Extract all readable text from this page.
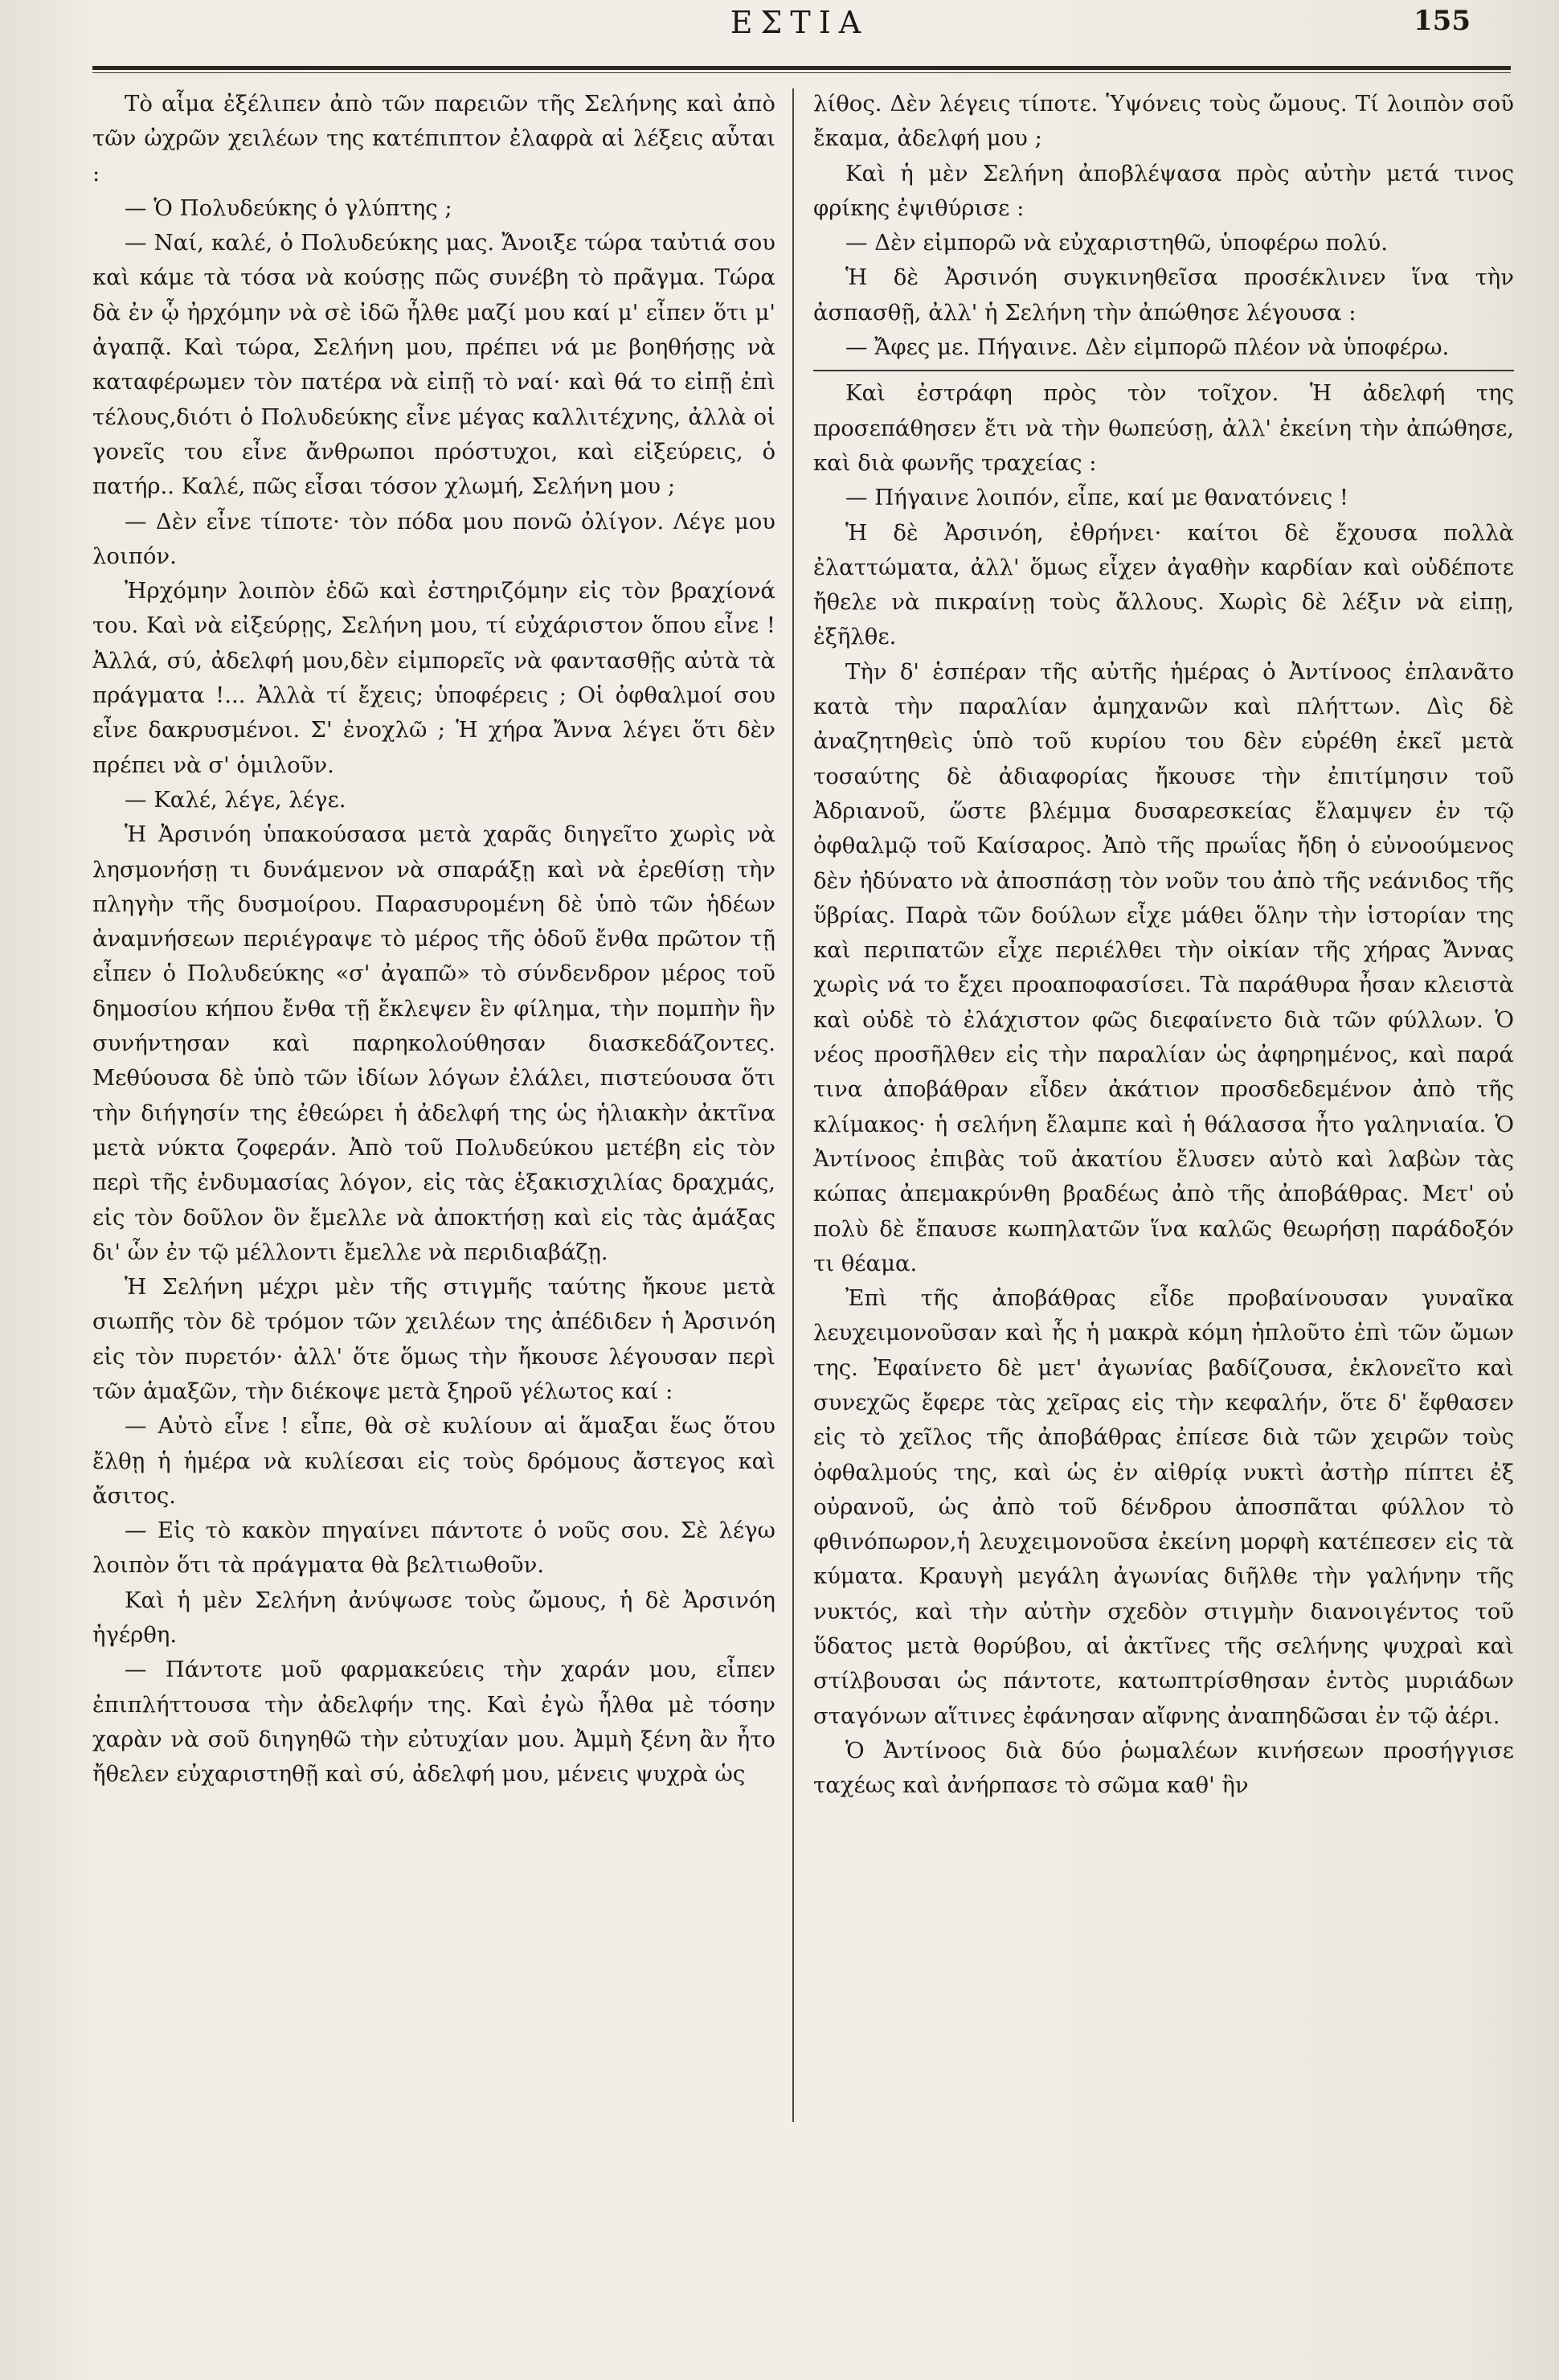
ΕΣΤΙΑ	155

Τὸ αἷμα ἐξέλιπεν ἀπὸ τῶν παρειῶν τῆς Σελήνης καὶ ἀπὸ τῶν ὠχρῶν χειλέων της κατέπιπτον ἐλαφρὰ αἱ λέξεις αὗται :

— Ὁ Πολυδεύκης ὁ γλύπτης ;

— Ναί, καλέ, ὁ Πολυδεύκης μας. Ἄνοιξε τώρα ταὐτιά σου καὶ κάμε τὰ τόσα νὰ κούσῃς πῶς συνέβη τὸ πρᾶγμα. Τώρα δὰ ἐν ᾧ ἠρχόμην νὰ σὲ ἰδῶ ἦλθε μαζί μου καί μ' εἶπεν ὅτι μ' ἀγαπᾷ. Καὶ τώρα, Σελήνη μου, πρέπει νά με βοηθήσῃς νὰ καταφέρωμεν τὸν πατέρα νὰ εἰπῇ τὸ ναί· καὶ θά το εἰπῇ ἐπὶ τέλους,διότι ὁ Πολυδεύκης εἶνε μέγας καλλιτέχνης, ἀλλὰ οἱ γονεῖς του εἶνε ἄνθρωποι πρόστυχοι, καὶ εἰξεύρεις, ὁ πατήρ.. Καλέ, πῶς εἶσαι τόσον χλωμή, Σελήνη μου ;

— Δὲν εἶνε τίποτε· τὸν πόδα μου πονῶ ὀλίγον. Λέγε μου λοιπόν.

Ἠρχόμην λοιπὸν ἐδῶ καὶ ἐστηριζόμην εἰς τὸν βραχίονά του. Καὶ νὰ εἰξεύρῃς, Σελήνη μου, τί εὐχάριστον ὅπου εἶνε ! Ἀλλά, σύ, ἀδελφή μου,δὲν εἰμπορεῖς νὰ φαντασθῇς αὐτὰ τὰ πράγματα !... Ἀλλὰ τί ἔχεις; ὑποφέρεις ; Οἱ ὀφθαλμοί σου εἶνε δακρυσμένοι. Σ' ἐνοχλῶ ; Ἡ χήρα Ἄννα λέγει ὅτι δὲν πρέπει νὰ σ' ὁμιλοῦν.

— Καλέ, λέγε, λέγε.

Ἡ Ἀρσινόη ὑπακούσασα μετὰ χαρᾶς διηγεῖτο χωρὶς νὰ λησμονήσῃ τι δυνάμενον νὰ σπαράξῃ καὶ νὰ ἐρεθίσῃ τὴν πληγὴν τῆς δυσμοίρου. Παρασυρομένη δὲ ὑπὸ τῶν ἡδέων ἀναμνήσεων περιέγραψε τὸ μέρος τῆς ὁδοῦ ἔνθα πρῶτον τῇ εἶπεν ὁ Πολυδεύκης «σ' ἀγαπῶ» τὸ σύνδενδρον μέρος τοῦ δημοσίου κήπου ἔνθα τῇ ἔκλεψεν ἓν φίλημα, τὴν πομπὴν ἣν συνήντησαν καὶ παρηκολούθησαν διασκεδάζοντες. Μεθύουσα δὲ ὑπὸ τῶν ἰδίων λόγων ἐλάλει, πιστεύουσα ὅτι τὴν διήγησίν της ἐθεώρει ἡ ἀδελφή της ὡς ἡλιακὴν ἀκτῖνα μετὰ νύκτα ζοφεράν. Ἀπὸ τοῦ Πολυδεύκου μετέβη εἰς τὸν περὶ τῆς ἐνδυμασίας λόγον, εἰς τὰς ἑξακισχιλίας δραχμάς, εἰς τὸν δοῦλον ὃν ἔμελλε νὰ ἀποκτήσῃ καὶ εἰς τὰς ἁμάξας δι' ὧν ἐν τῷ μέλλοντι ἔμελλε νὰ περιδιαβάζῃ.

Ἡ Σελήνη μέχρι μὲν τῆς στιγμῆς ταύτης ἤκουε μετὰ σιωπῆς τὸν δὲ τρόμον τῶν χειλέων της ἀπέδιδεν ἡ Ἀρσινόη εἰς τὸν πυρετόν· ἀλλ' ὅτε ὅμως τὴν ἤκουσε λέγουσαν περὶ τῶν ἁμαξῶν, τὴν διέκοψε μετὰ ξηροῦ γέλωτος καί :

— Αὐτὸ εἶνε ! εἶπε, θὰ σὲ κυλίουν αἱ ἅμαξαι ἕως ὅτου ἔλθῃ ἡ ἡμέρα νὰ κυλίεσαι εἰς τοὺς δρόμους ἄστεγος καὶ ἄσιτος.

— Εἰς τὸ κακὸν πηγαίνει πάντοτε ὁ νοῦς σου. Σὲ λέγω λοιπὸν ὅτι τὰ πράγματα θὰ βελτιωθοῦν.

Καὶ ἡ μὲν Σελήνη ἀνύψωσε τοὺς ὤμους, ἡ δὲ Ἀρσινόη ἠγέρθη.

— Πάντοτε μοῦ φαρμακεύεις τὴν χαράν μου, εἶπεν ἐπιπλήττουσα τὴν ἀδελφήν της. Καὶ ἐγὼ ἦλθα μὲ τόσην χαρὰν νὰ σοῦ διηγηθῶ τὴν εὐτυχίαν μου. Ἀμμὴ ξένη ἂν ἦτο ἤθελεν εὐχαριστηθῇ καὶ σύ, ἀδελφή μου, μένεις ψυχρὰ ὡς

λίθος. Δὲν λέγεις τίποτε. Ὑψόνεις τοὺς ὤμους. Τί λοιπὸν σοῦ ἔκαμα, ἀδελφή μου ;

Καὶ ἡ μὲν Σελήνη ἀποβλέψασα πρὸς αὐτὴν μετά τινος φρίκης ἐψιθύρισε :

— Δὲν εἰμπορῶ νὰ εὐχαριστηθῶ, ὑποφέρω πολύ.

Ἡ δὲ Ἀρσινόη συγκινηθεῖσα προσέκλινεν ἵνα τὴν ἀσπασθῇ, ἀλλ' ἡ Σελήνη τὴν ἀπώθησε λέγουσα :

— Ἄφες με. Πήγαινε. Δὲν εἰμπορῶ πλέον νὰ ὑποφέρω.

Καὶ ἐστράφη πρὸς τὸν τοῖχον. Ἡ ἀδελφή της προσεπάθησεν ἔτι νὰ τὴν θωπεύσῃ, ἀλλ' ἐκείνη τὴν ἀπώθησε, καὶ διὰ φωνῆς τραχείας :

— Πήγαινε λοιπόν, εἶπε, καί με θανατόνεις !

Ἡ δὲ Ἀρσινόη, ἐθρήνει· καίτοι δὲ ἔχουσα πολλὰ ἐλαττώματα, ἀλλ' ὅμως εἶχεν ἀγαθὴν καρδίαν καὶ οὐδέποτε ἤθελε νὰ πικραίνῃ τοὺς ἄλλους. Χωρὶς δὲ λέξιν νὰ εἰπῃ, ἐξῆλθε.

Τὴν δ' ἑσπέραν τῆς αὐτῆς ἡμέρας ὁ Ἀντίνοος ἐπλανᾶτο κατὰ τὴν παραλίαν ἀμηχανῶν καὶ πλήττων. Δὶς δὲ ἀναζητηθεὶς ὑπὸ τοῦ κυρίου του δὲν εὑρέθη ἐκεῖ μετὰ τοσαύτης δὲ ἀδιαφορίας ἤκουσε τὴν ἐπιτίμησιν τοῦ Ἀδριανοῦ, ὥστε βλέμμα δυσαρεσκείας ἔλαμψεν ἐν τῷ ὀφθαλμῷ τοῦ Καίσαρος. Ἀπὸ τῆς πρωΐας ἤδη ὁ εὐνοούμενος δὲν ἠδύνατο νὰ ἀποσπάσῃ τὸν νοῦν του ἀπὸ τῆς νεάνιδος τῆς ὕβρίας. Παρὰ τῶν δούλων εἶχε μάθει ὅλην τὴν ἱστορίαν της καὶ περιπατῶν εἶχε περιέλθει τὴν οἰκίαν τῆς χήρας Ἄννας χωρὶς νά το ἔχει προαποφασίσει. Τὰ παράθυρα ἦσαν κλειστὰ καὶ οὐδὲ τὸ ἐλάχιστον φῶς διεφαίνετο διὰ τῶν φύλλων. Ὁ νέος προσῆλθεν εἰς τὴν παραλίαν ὡς ἀφηρημένος, καὶ παρά τινα ἀποβάθραν εἶδεν ἀκάτιον προσδεδεμένον ἀπὸ τῆς κλίμακος· ἡ σελήνη ἔλαμπε καὶ ἡ θάλασσα ἦτο γαληνιαία. Ὁ Ἀντίνοος ἐπιβὰς τοῦ ἀκατίου ἔλυσεν αὐτὸ καὶ λαβὼν τὰς κώπας ἀπεμακρύνθη βραδέως ἀπὸ τῆς ἀποβάθρας. Μετ' οὐ πολὺ δὲ ἔπαυσε κωπηλατῶν ἵνα καλῶς θεωρήσῃ παράδοξόν τι θέαμα.

Ἐπὶ τῆς ἀποβάθρας εἶδε προβαίνουσαν γυναῖκα λευχειμονοῦσαν καὶ ἧς ἡ μακρὰ κόμη ἠπλοῦτο ἐπὶ τῶν ὤμων της. Ἐφαίνετο δὲ μετ' ἀγωνίας βαδίζουσα, ἐκλονεῖτο καὶ συνεχῶς ἔφερε τὰς χεῖρας εἰς τὴν κεφαλήν, ὅτε δ' ἔφθασεν εἰς τὸ χεῖλος τῆς ἀποβάθρας ἐπίεσε διὰ τῶν χειρῶν τοὺς ὀφθαλμούς της, καὶ ὡς ἐν αἰθρίᾳ νυκτὶ ἀστὴρ πίπτει ἐξ οὐρανοῦ, ὡς ἀπὸ τοῦ δένδρου ἀποσπᾶται φύλλον τὸ φθινόπωρον,ἡ λευχειμονοῦσα ἐκείνη μορφὴ κατέπεσεν εἰς τὰ κύματα. Κραυγὴ μεγάλη ἀγωνίας διῆλθε τὴν γαλήνην τῆς νυκτός, καὶ τὴν αὐτὴν σχεδὸν στιγμὴν διανοιγέντος τοῦ ὕδατος μετὰ θορύβου, αἱ ἀκτῖνες τῆς σελήνης ψυχραὶ καὶ στίλβουσαι ὡς πάντοτε, κατωπτρίσθησαν ἐντὸς μυριάδων σταγόνων αἵτινες ἐφάνησαν αἴφνης ἀναπηδῶσαι ἐν τῷ ἀέρι.

Ὁ Ἀντίνοος διὰ δύο ῥωμαλέων κινήσεων προσήγγισε ταχέως καὶ ἀνήρπασε τὸ σῶμα καθ' ἣν
